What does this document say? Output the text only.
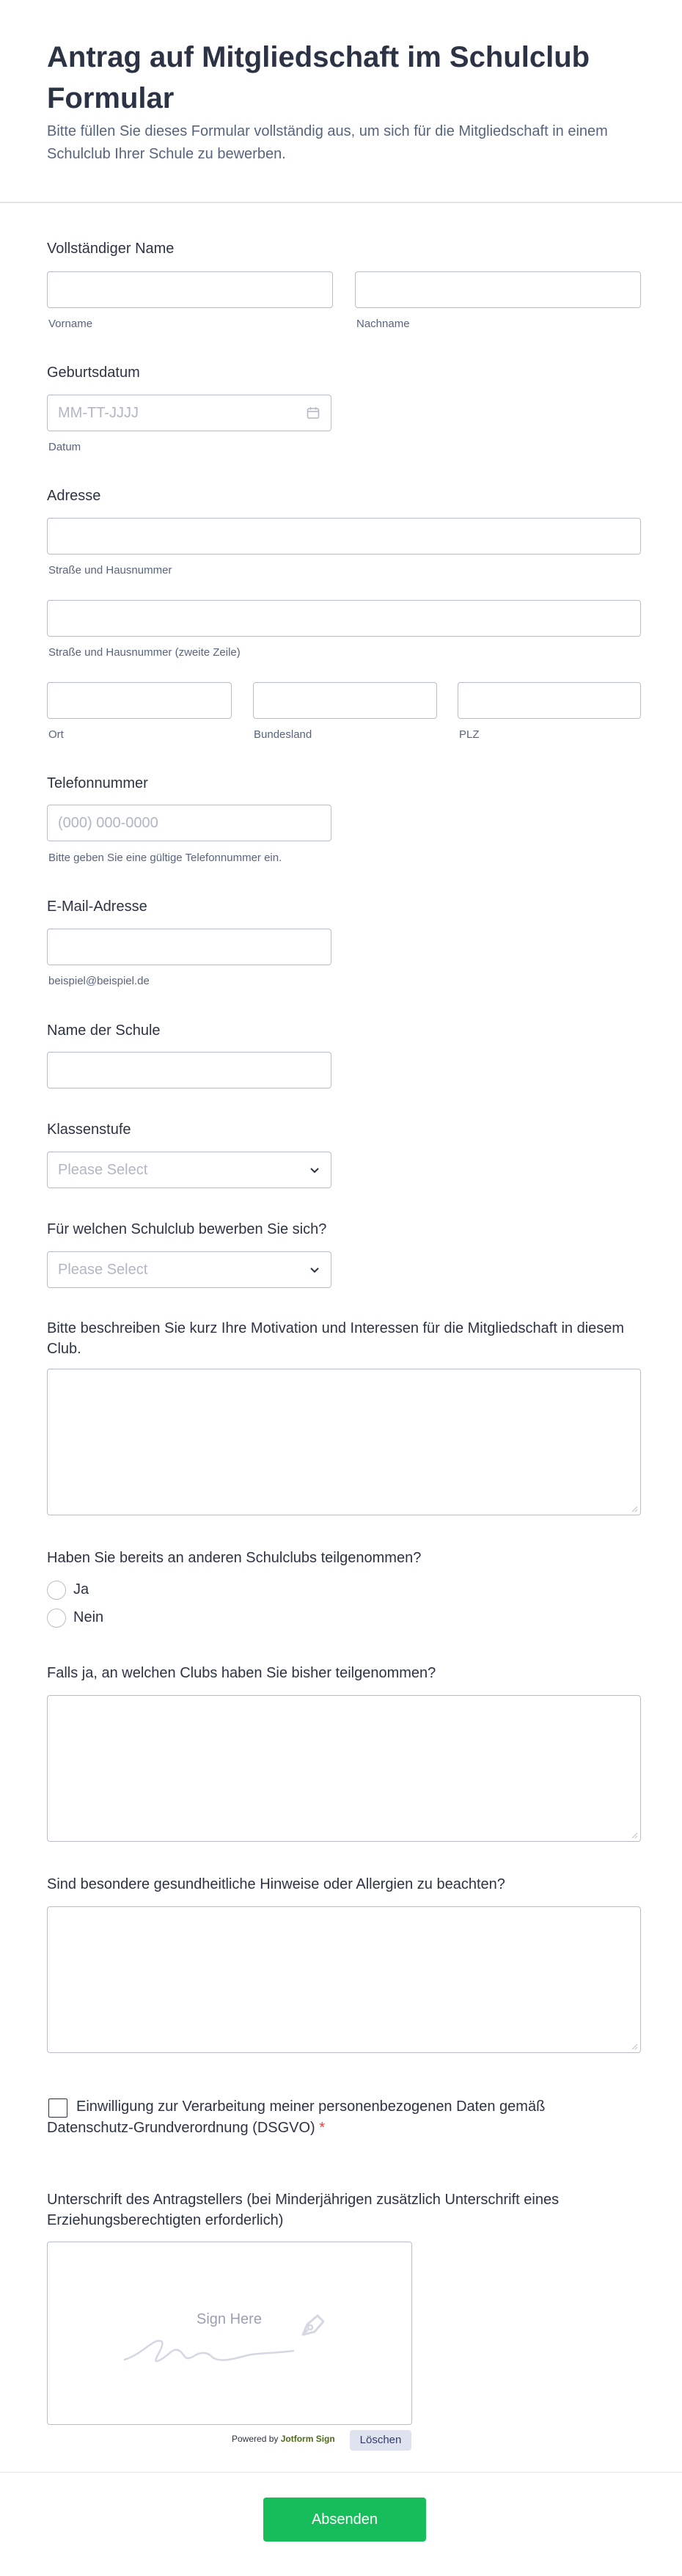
Antrag auf Mitgliedschaft im Schulclub Formular

Bitte füllen Sie dieses Formular vollständig aus, um sich für die Mitgliedschaft in einem Schulclub Ihrer Schule zu bewerben.

Vollständiger Name
Vorname	Nachname
Geburtsdatum
MM-TT-JJJJ
Datum
Adresse
Straße und Hausnummer
Straße und Hausnummer (zweite Zeile)
Ort	Bundesland	PLZ
Telefonnummer
(000) 000-0000
Bitte geben Sie eine gültige Telefonnummer ein.
E-Mail-Adresse
beispiel@beispiel.de
Name der Schule
Klassenstufe
Please Select
Für welchen Schulclub bewerben Sie sich?
Please Select
Bitte beschreiben Sie kurz Ihre Motivation und Interessen für die Mitgliedschaft in diesem Club.
Haben Sie bereits an anderen Schulclubs teilgenommen?
Ja
Nein
Falls ja, an welchen Clubs haben Sie bisher teilgenommen?
Sind besondere gesundheitliche Hinweise oder Allergien zu beachten?
Einwilligung zur Verarbeitung meiner personenbezogenen Daten gemäß Datenschutz-Grundverordnung (DSGVO) *
Unterschrift des Antragstellers (bei Minderjährigen zusätzlich Unterschrift eines Erziehungsberechtigten erforderlich)
Sign Here
Powered by Jotform Sign	Löschen
Absenden
